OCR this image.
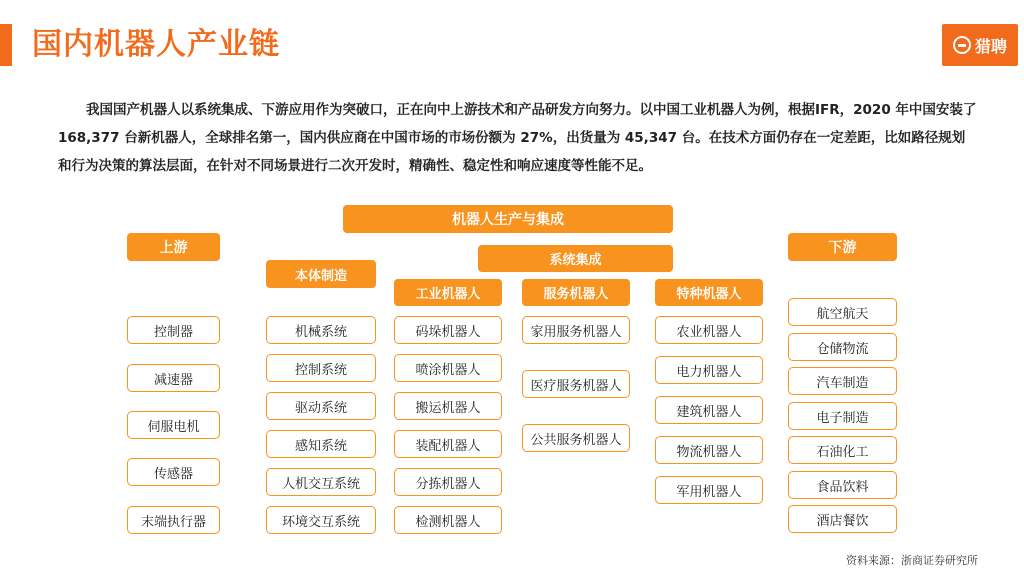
国内机器人产业链	猎聘
我国国产机器人以系统集成、下游应用作为突破口，正在向中上游技术和产品研发方向努力。以中国工业机器人为例，根据IFR，2020 年中国安装了 168,377 台新机器人，全球排名第一，国内供应商在中国市场的市场份额为 27%，出货量为 45,347 台。在技术方面仍存在一定差距，比如路径规划和行为决策的算法层面，在针对不同场景进行二次开发时，精确性、稳定性和响应速度等性能不足。
机器人生产与集成
上游	下游
系统集成
本体制造
工业机器人	服务机器人	特种机器人
控制器
减速器
伺服电机
传感器
末端执行器
机械系统
控制系统
驱动系统
感知系统
人机交互系统
环境交互系统
码垛机器人
喷涂机器人
搬运机器人
装配机器人
分拣机器人
检测机器人
家用服务机器人
医疗服务机器人
公共服务机器人
农业机器人
电力机器人
建筑机器人
物流机器人
军用机器人
航空航天
仓储物流
汽车制造
电子制造
石油化工
食品饮料
酒店餐饮
资料来源：浙商证券研究所
